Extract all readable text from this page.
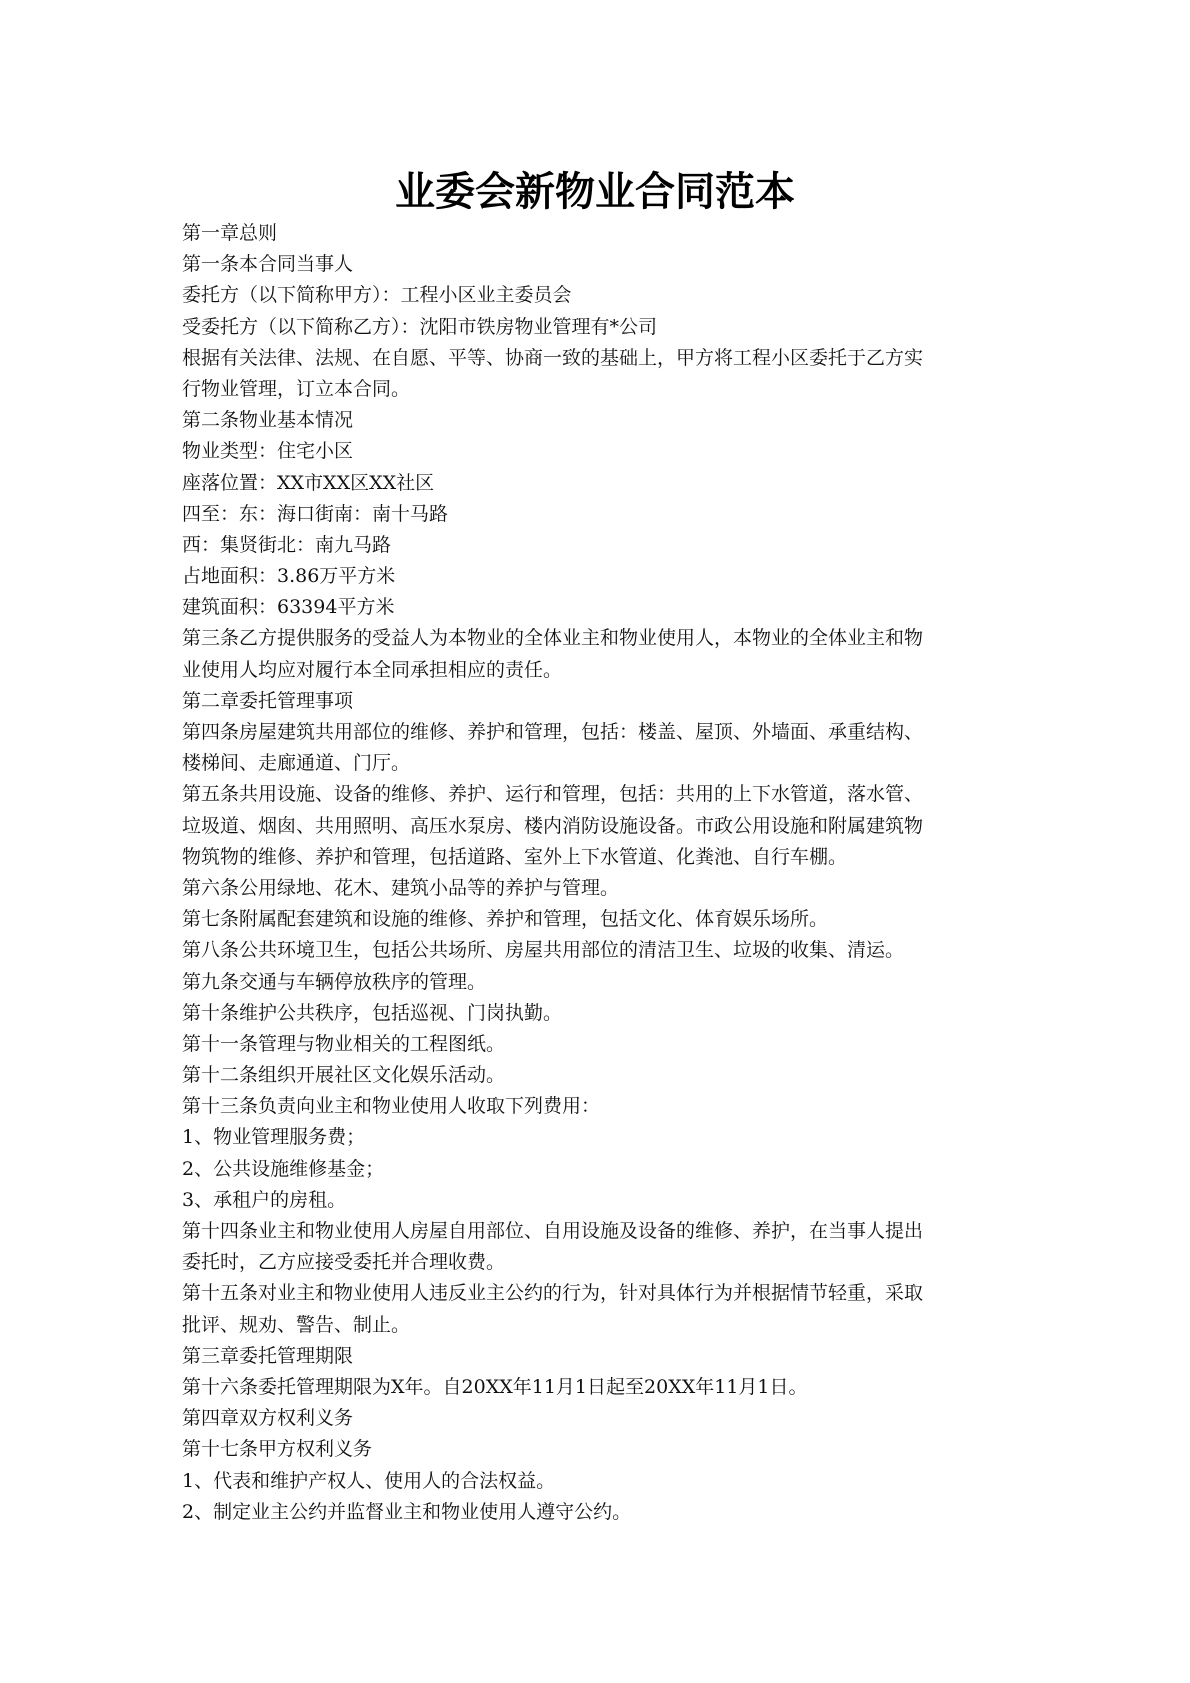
业委会新物业合同范本
第一章总则
第一条本合同当事人
委托方（以下简称甲方）：工程小区业主委员会
受委托方（以下简称乙方）：沈阳市铁房物业管理有*公司
根据有关法律、法规、在自愿、平等、协商一致的基础上，甲方将工程小区委托于乙方实
行物业管理，订立本合同。
第二条物业基本情况
物业类型：住宅小区
座落位置：XX市XX区XX社区
四至：东：海口街南：南十马路
西：集贤街北：南九马路
占地面积：3.86万平方米
建筑面积：63394平方米
第三条乙方提供服务的受益人为本物业的全体业主和物业使用人，本物业的全体业主和物
业使用人均应对履行本全同承担相应的责任。
第二章委托管理事项
第四条房屋建筑共用部位的维修、养护和管理，包括：楼盖、屋顶、外墙面、承重结构、
楼梯间、走廊通道、门厅。
第五条共用设施、设备的维修、养护、运行和管理，包括：共用的上下水管道，落水管、
垃圾道、烟囱、共用照明、高压水泵房、楼内消防设施设备。市政公用设施和附属建筑物
物筑物的维修、养护和管理，包括道路、室外上下水管道、化粪池、自行车棚。
第六条公用绿地、花木、建筑小品等的养护与管理。
第七条附属配套建筑和设施的维修、养护和管理，包括文化、体育娱乐场所。
第八条公共环境卫生，包括公共场所、房屋共用部位的清洁卫生、垃圾的收集、清运。
第九条交通与车辆停放秩序的管理。
第十条维护公共秩序，包括巡视、门岗执勤。
第十一条管理与物业相关的工程图纸。
第十二条组织开展社区文化娱乐活动。
第十三条负责向业主和物业使用人收取下列费用：
1、物业管理服务费；
2、公共设施维修基金；
3、承租户的房租。
第十四条业主和物业使用人房屋自用部位、自用设施及设备的维修、养护，在当事人提出
委托时，乙方应接受委托并合理收费。
第十五条对业主和物业使用人违反业主公约的行为，针对具体行为并根据情节轻重，采取
批评、规劝、警告、制止。
第三章委托管理期限
第十六条委托管理期限为X年。自20XX年11月1日起至20XX年11月1日。
第四章双方权利义务
第十七条甲方权利义务
1、代表和维护产权人、使用人的合法权益。
2、制定业主公约并监督业主和物业使用人遵守公约。
